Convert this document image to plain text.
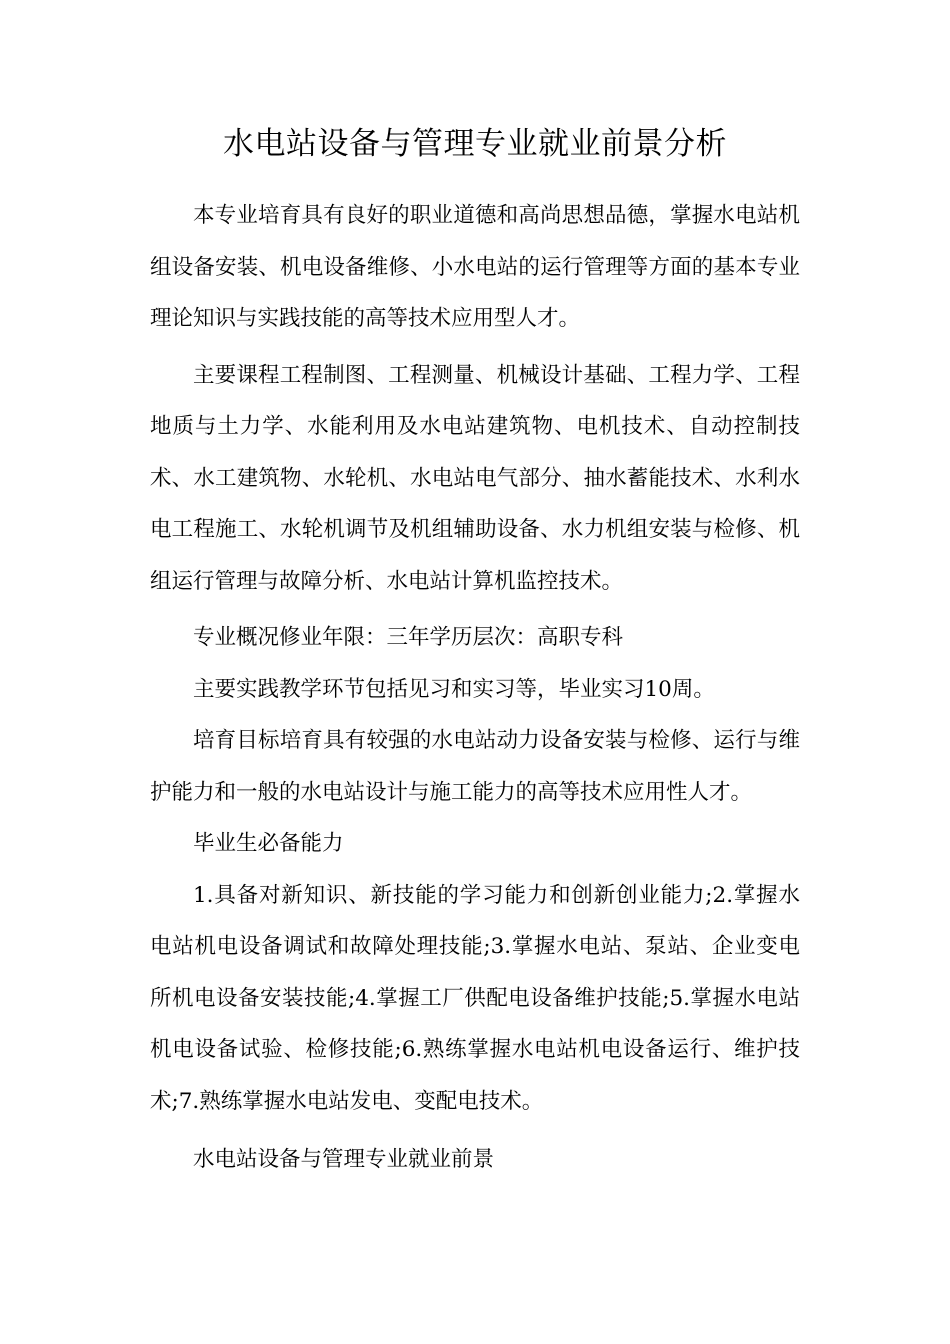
水电站设备与管理专业就业前景分析

本专业培育具有良好的职业道德和高尚思想品德，掌握水电站机组设备安装、机电设备维修、小水电站的运行管理等方面的基本专业理论知识与实践技能的高等技术应用型人才。

主要课程工程制图、工程测量、机械设计基础、工程力学、工程地质与土力学、水能利用及水电站建筑物、电机技术、自动控制技术、水工建筑物、水轮机、水电站电气部分、抽水蓄能技术、水利水电工程施工、水轮机调节及机组辅助设备、水力机组安装与检修、机组运行管理与故障分析、水电站计算机监控技术。

专业概况修业年限：三年学历层次：高职专科

主要实践教学环节包括见习和实习等，毕业实习10周。

培育目标培育具有较强的水电站动力设备安装与检修、运行与维护能力和一般的水电站设计与施工能力的高等技术应用性人才。

毕业生必备能力

1.具备对新知识、新技能的学习能力和创新创业能力;2.掌握水电站机电设备调试和故障处理技能;3.掌握水电站、泵站、企业变电所机电设备安装技能;4.掌握工厂供配电设备维护技能;5.掌握水电站机电设备试验、检修技能;6.熟练掌握水电站机电设备运行、维护技术;7.熟练掌握水电站发电、变配电技术。

水电站设备与管理专业就业前景
